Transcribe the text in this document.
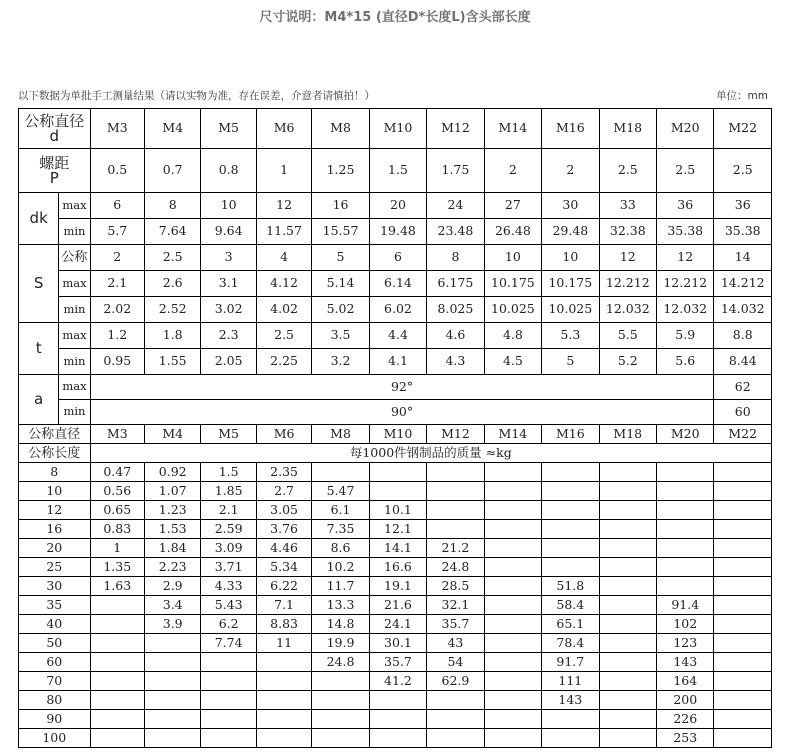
尺寸说明：M4*15 (直径D*长度L)含头部长度
以下数据为单批手工测量结果（请以实物为准，存在误差，介意者请慎拍！）	单位：mm
公称直径
d		M3	M4	M5	M6	M8	M10	M12	M14	M16	M18	M20	M22

螺距
P		0.5	0.7	0.8	1	1.25	1.5	1.75	2	2	2.5	2.5	2.5
dk	max	6	8	10	12	16	20	24	27	30	33	36	36
	min	5.7	7.64	9.64	11.57	15.57	19.48	23.48	26.48	29.48	32.38	35.38	35.38
S	公称	2	2.5	3	4	5	6	8	10	10	12	12	14
	max	2.1	2.6	3.1	4.12	5.14	6.14	6.175	10.175	10.175	12.212	12.212	14.212
	min	2.02	2.52	3.02	4.02	5.02	6.02	8.025	10.025	10.025	12.032	12.032	14.032
t	max	1.2	1.8	2.3	2.5	3.5	4.4	4.6	4.8	5.3	5.5	5.9	8.8
	min	0.95	1.55	2.05	2.25	3.2	4.1	4.3	4.5	5	5.2	5.6	8.44
a	max	92°											62
	min	90°											60
公称直径		M3	M4	M5	M6	M8	M10	M12	M14	M16	M18	M20	M22
公称长度		每1000件钢制品的质量 ≈kg											
8		0.47	0.92	1.5	2.35								
10		0.56	1.07	1.85	2.7	5.47							
12		0.65	1.23	2.1	3.05	6.1	10.1						
16		0.83	1.53	2.59	3.76	7.35	12.1						
20		1	1.84	3.09	4.46	8.6	14.1	21.2					
25		1.35	2.23	3.71	5.34	10.2	16.6	24.8					
30		1.63	2.9	4.33	6.22	11.7	19.1	28.5		51.8			
35			3.4	5.43	7.1	13.3	21.6	32.1		58.4		91.4	
40			3.9	6.2	8.83	14.8	24.1	35.7		65.1		102	
50				7.74	11	19.9	30.1	43		78.4		123	
60						24.8	35.7	54		91.7		143	
70							41.2	62.9		111		164	
80										143		200	
90												226	
100												253	
